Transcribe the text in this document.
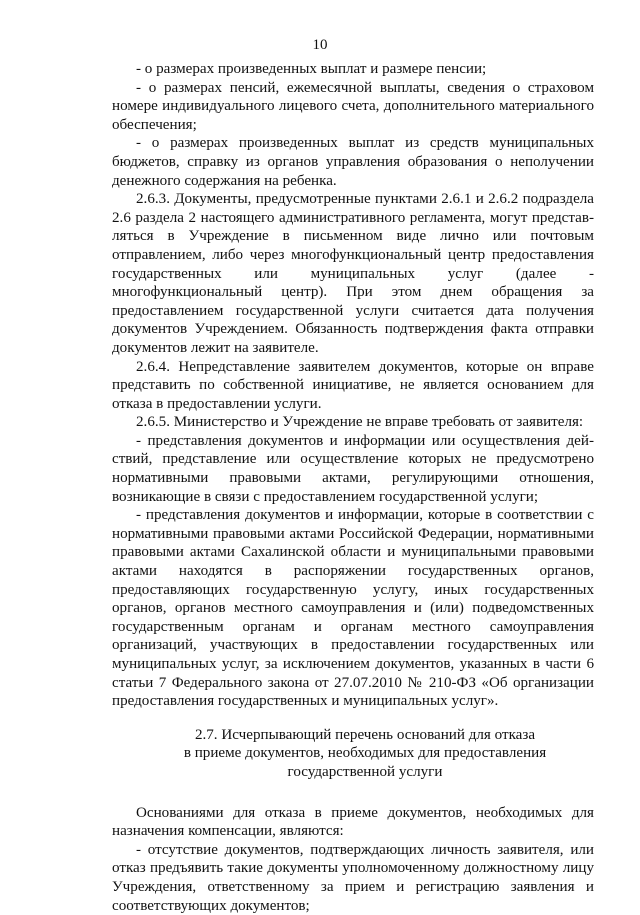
10

- о размерах произведенных выплат и размере пенсии;

- о размерах пенсий, ежемесячной выплаты, сведения о страховом номере индивидуального лицевого счета, дополнительного материального обеспечения;

- о размерах произведенных выплат из средств муниципальных бюджетов, справку из органов управления образования о неполучении денежного содержания на ребенка.

2.6.3. Документы, предусмотренные пунктами 2.6.1 и 2.6.2 подраздела 2.6 раздела 2 настоящего административного регламента, могут представляться в Учреждение в письменном виде лично или почтовым отправлением, либо через многофункциональный центр предоставления государственных или муниципальных услуг (далее - многофункциональный центр). При этом днем обращения за предоставлением государственной услуги считается дата получения документов Учреждением. Обязанность подтверждения факта отправки документов лежит на заявителе.

2.6.4. Непредставление заявителем документов, которые он вправе представить по собственной инициативе, не является основанием для отказа в предоставлении услуги.

2.6.5. Министерство и Учреждение не вправе требовать от заявителя:

- представления документов и информации или осуществления действий, представление или осуществление которых не предусмотрено нормативными правовыми актами, регулирующими отношения, возникающие в связи с предоставлением государственной услуги;

- представления документов и информации, которые в соответствии с нормативными правовыми актами Российской Федерации, нормативными правовыми актами Сахалинской области и муниципальными правовыми актами находятся в распоряжении государственных органов, предоставляющих государственную услугу, иных государственных органов, органов местного самоуправления и (или) подведомственных государственным органам и органам местного самоуправления организаций, участвующих в предоставлении государственных или муниципальных услуг, за исключением документов, указанных в части 6 статьи 7 Федерального закона от 27.07.2010 № 210-ФЗ «Об организации предоставления государственных и муниципальных услуг».

2.7. Исчерпывающий перечень оснований для отказа

в приеме документов, необходимых для предоставления

государственной услуги

Основаниями для отказа в приеме документов, необходимых для назначения компенсации, являются:

- отсутствие документов, подтверждающих личность заявителя, или отказ предъявить такие документы уполномоченному должностному лицу Учреждения, ответственному за прием и регистрацию заявления и соответствующих документов;
